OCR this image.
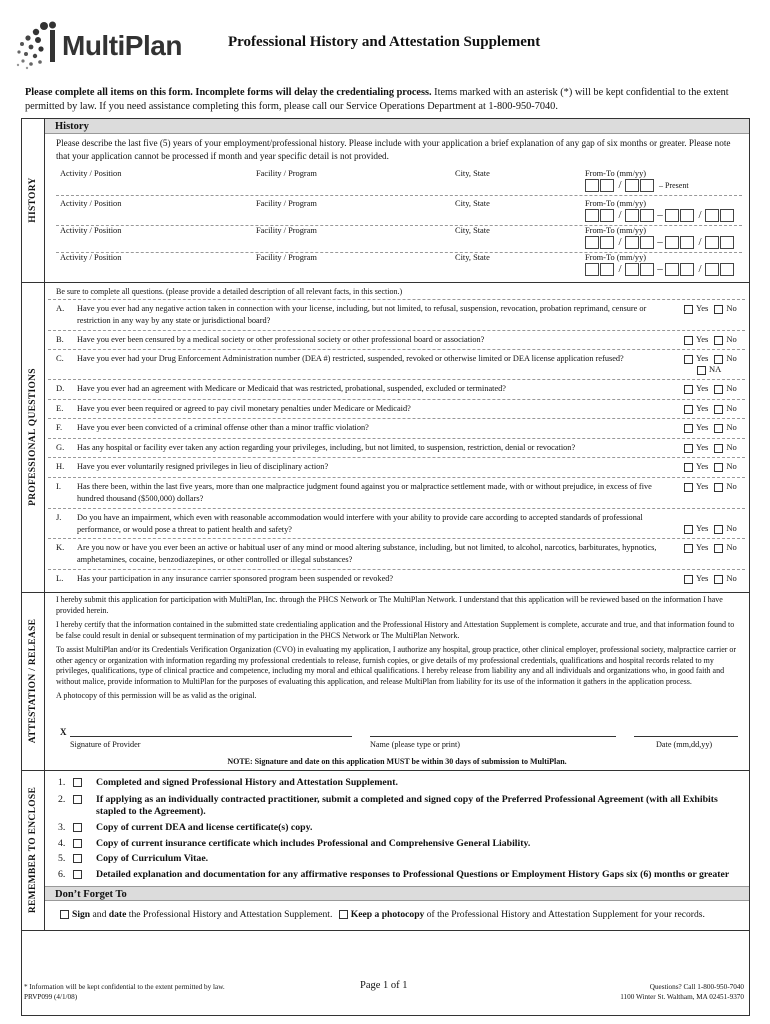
MultiPlan	Professional History and Attestation Supplement
Please complete all items on this form. Incomplete forms will delay the credentialing process. Items marked with an asterisk (*) will be kept confidential to the extent permitted by law. If you need assistance completing this form, please call our Service Operations Department at 1-800-950-7040.
HISTORY
History
Please describe the last five (5) years of your employment/professional history. Please include with your application a brief explanation of any gap of six months or greater. Please note that your application cannot be processed if month and year specific detail is not provided.
Activity / Position	Facility / Program	City, State	From-To (mm/yy)
/	– Present
Activity / Position	Facility / Program	City, State	From-To (mm/yy)
/	–	/
Activity / Position	Facility / Program	City, State	From-To (mm/yy)
/	–	/
Activity / Position	Facility / Program	City, State	From-To (mm/yy)
/	–	/
PROFESSIONAL QUESTIONS
Be sure to complete all questions. (please provide a detailed description of all relevant facts, in this section.)
A. Have you ever had any negative action taken in connection with your license, including, but not limited, to refusal, suspension, revocation, probation reprimand, censure or restriction in any way by any state or jurisdictional board?
Yes No
B. Have you ever been censured by a medical society or other professional society or other professional board or association?	Yes No
C. Have you ever had your Drug Enforcement Administration number (DEA #) restricted, suspended, revoked or otherwise limited or DEA license application refused?	Yes No
NA
D. Have you ever had an agreement with Medicare or Medicaid that was restricted, probational, suspended, excluded or terminated?	Yes No
E. Have you ever been required or agreed to pay civil monetary penalties under Medicare or Medicaid?	Yes No
F. Have you ever been convicted of a criminal offense other than a minor traffic violation?	Yes No
G. Has any hospital or facility ever taken any action regarding your privileges, including, but not limited, to suspension, restriction, denial or revocation?	Yes No
H. Have you ever voluntarily resigned privileges in lieu of disciplinary action?	Yes No
I. Has there been, within the last five years, more than one malpractice judgment found against you or malpractice settlement made, with or without prejudice, in excess of five hundred thousand ($500,000) dollars?
Yes No
J. Do you have an impairment, which even with reasonable accommodation would interfere with your ability to provide care according to accepted standards of professional performance, or would pose a threat to patient health and safety?	Yes No
K. Are you now or have you ever been an active or habitual user of any mind or mood altering substance, including, but not limited, to alcohol, narcotics, barbiturates, hypnotics, amphetamines, cocaine, benzodiazepines, or other controlled or illegal substances?
Yes No
L. Has your participation in any insurance carrier sponsored program been suspended or revoked?	Yes No
ATTESTATION / RELEASE

I hereby submit this application for participation with MultiPlan, Inc. through the PHCS Network or The MultiPlan Network. I understand that this application will be reviewed based on the information I have provided herein.

I hereby certify that the information contained in the submitted state credentialing application and the Professional History and Attestation Supplement is complete, accurate and true, and that information found to be false could result in denial or subsequent termination of my participation in the PHCS Network or The MultiPlan Network.

To assist MultiPlan and/or its Credentials Verification Organization (CVO) in evaluating my application, I authorize any hospital, group practice, other clinical employer, professional society, malpractice carrier or other agency or organization with information regarding my professional credentials to release, furnish copies, or give details of my professional credentials, qualifications and hospital records related to my privileges, qualifications, type of clinical practice and competence, including my moral and ethical qualifications. I hereby release from liability any and all individuals and organizations who, in good faith and without malice, provide information to MultiPlan for the purposes of evaluating this application, and release MultiPlan from liability for its use of the information it gathers in the application process.

A photocopy of this permission will be as valid as the original.

X
Signature of Provider	Name (please type or print)	Date (mm,dd,yy)
NOTE: Signature and date on this application MUST be within 30 days of submission to MultiPlan.
REMEMBER TO ENCLOSE
1.	Completed and signed Professional History and Attestation Supplement.
2.	If applying as an individually contracted practitioner, submit a completed and signed copy of the Preferred Professional Agreement (with all Exhibits stapled to the Agreement).
3.	Copy of current DEA and license certificate(s) copy.
4.	Copy of current insurance certificate which includes Professional and Comprehensive General Liability.
5.	Copy of Curriculum Vitae.
6.	Detailed explanation and documentation for any affirmative responses to Professional Questions or Employment History Gaps six (6) months or greater
Don’t Forget To
Sign and date the Professional History and Attestation Supplement. Keep a photocopy of the Professional History and Attestation Supplement for your records.
* Information will be kept confidential to the extent permitted by law.
PRVP099 (4/1/08)
Page 1 of 1	Questions? Call 1-800-950-7040
1100 Winter St. Waltham, MA 02451-9370
